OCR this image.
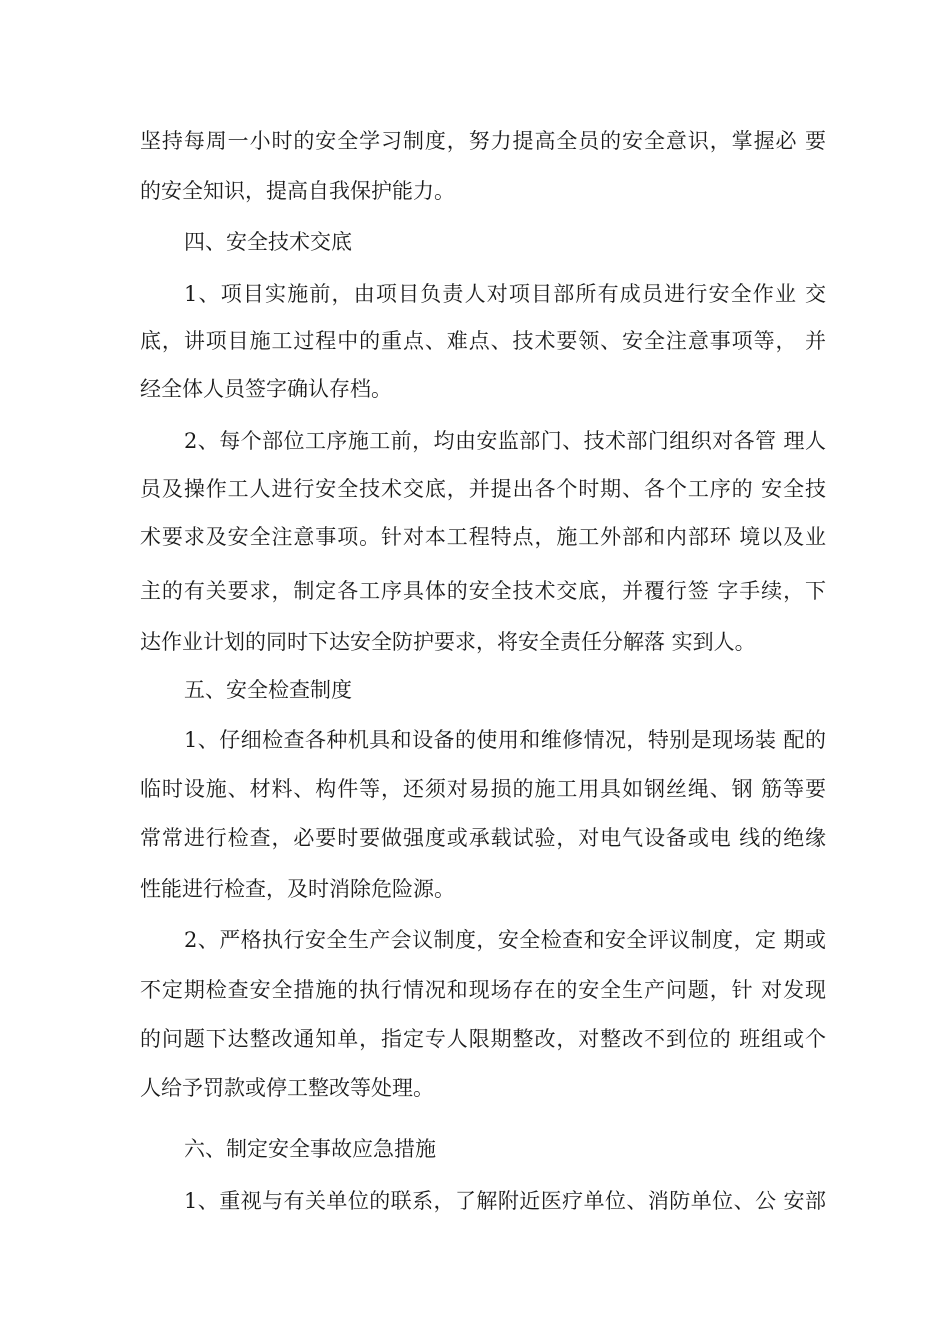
坚持每周一小时的安全学习制度，努力提高全员的安全意识，掌握必 要
的安全知识，提高自我保护能力。
四、安全技术交底
1、项目实施前，由项目负责人对项目部所有成员进行安全作业 交
底，讲项目施工过程中的重点、难点、技术要领、安全注意事项等， 并
经全体人员签字确认存档。
2、每个部位工序施工前，均由安监部门、技术部门组织对各管 理人
员及操作工人进行安全技术交底，并提出各个时期、各个工序的 安全技
术要求及安全注意事项。针对本工程特点，施工外部和内部环 境以及业
主的有关要求，制定各工序具体的安全技术交底，并覆行签 字手续，下
达作业计划的同时下达安全防护要求，将安全责任分解落 实到人。
五、安全检查制度
1、仔细检查各种机具和设备的使用和维修情况，特别是现场装 配的
临时设施、材料、构件等，还须对易损的施工用具如钢丝绳、钢 筋等要
常常进行检查，必要时要做强度或承载试验，对电气设备或电 线的绝缘
性能进行检查，及时消除危险源。
2、严格执行安全生产会议制度，安全检查和安全评议制度，定 期或
不定期检查安全措施的执行情况和现场存在的安全生产问题，针 对发现
的问题下达整改通知单，指定专人限期整改，对整改不到位的 班组或个
人给予罚款或停工整改等处理。
六、制定安全事故应急措施
1、重视与有关单位的联系，了解附近医疗单位、消防单位、公 安部
